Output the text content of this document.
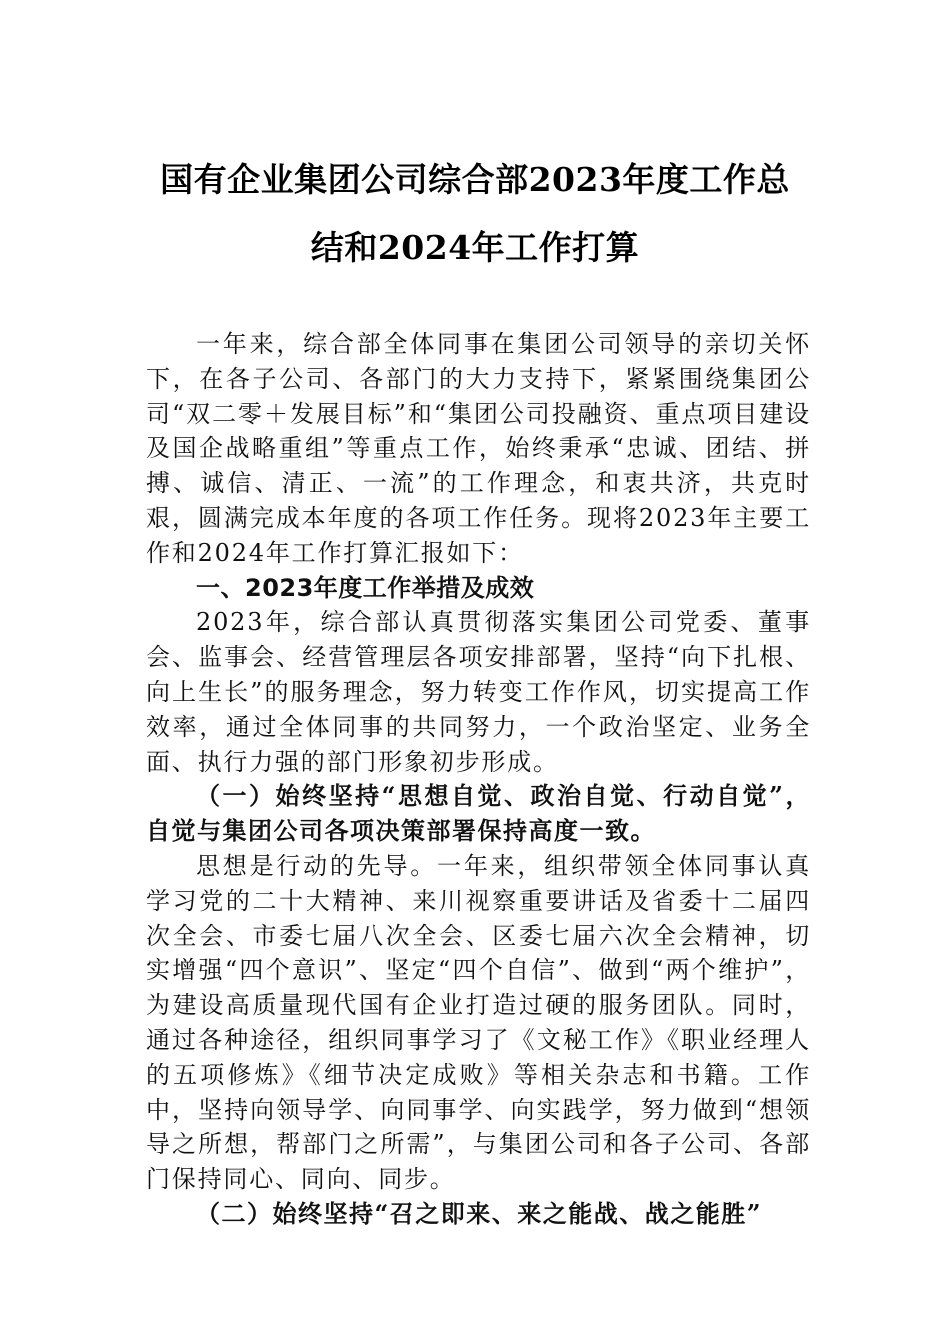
国有企业集团公司综合部2023年度工作总
结和2024年工作打算

一年来，综合部全体同事在集团公司领导的亲切关怀下，在各子公司、各部门的大力支持下，紧紧围绕集团公司“双二零＋发展目标”和“集团公司投融资、重点项目建设及国企战略重组”等重点工作，始终秉承“忠诚、团结、拼搏、诚信、清正、一流”的工作理念，和衷共济，共克时艰，圆满完成本年度的各项工作任务。现将2023年主要工作和2024年工作打算汇报如下：

一、2023年度工作举措及成效

2023年，综合部认真贯彻落实集团公司党委、董事会、监事会、经营管理层各项安排部署，坚持“向下扎根、向上生长”的服务理念，努力转变工作作风，切实提高工作效率，通过全体同事的共同努力，一个政治坚定、业务全面、执行力强的部门形象初步形成。

（一）始终坚持“思想自觉、政治自觉、行动自觉”，自觉与集团公司各项决策部署保持高度一致。

思想是行动的先导。一年来，组织带领全体同事认真学习党的二十大精神、来川视察重要讲话及省委十二届四次全会、市委七届八次全会、区委七届六次全会精神，切实增强“四个意识”、坚定“四个自信”、做到“两个维护”，为建设高质量现代国有企业打造过硬的服务团队。同时，通过各种途径，组织同事学习了《文秘工作》《职业经理人的五项修炼》《细节决定成败》等相关杂志和书籍。工作中，坚持向领导学、向同事学、向实践学，努力做到“想领导之所想，帮部门之所需”，与集团公司和各子公司、各部门保持同心、同向、同步。

（二）始终坚持“召之即来、来之能战、战之能胜”
